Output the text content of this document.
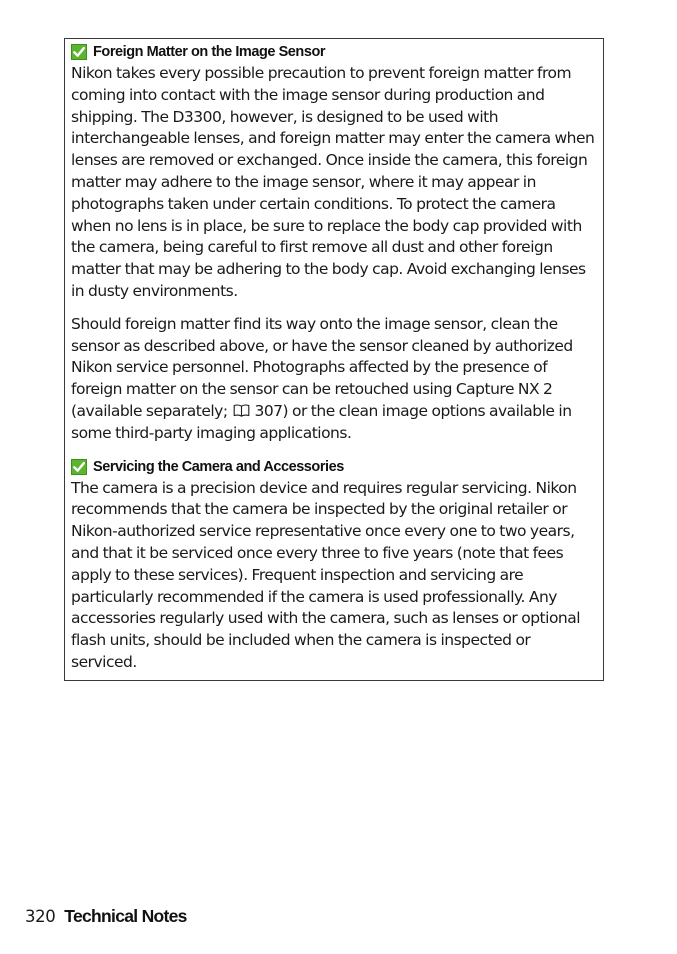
Foreign Matter on the Image Sensor

Nikon takes every possible precaution to prevent foreign matter from coming into contact with the image sensor during production and shipping. The D3300, however, is designed to be used with interchangeable lenses, and foreign matter may enter the camera when lenses are removed or exchanged. Once inside the camera, this foreign matter may adhere to the image sensor, where it may appear in photographs taken under certain conditions. To protect the camera when no lens is in place, be sure to replace the body cap provided with the camera, being careful to first remove all dust and other foreign matter that may be adhering to the body cap. Avoid exchanging lenses in dusty environments.

Should foreign matter find its way onto the image sensor, clean the sensor as described above, or have the sensor cleaned by authorized Nikon service personnel. Photographs affected by the presence of foreign matter on the sensor can be retouched using Capture NX 2 (available separately; 307) or the clean image options available in some third-party imaging applications.

Servicing the Camera and Accessories

The camera is a precision device and requires regular servicing. Nikon recommends that the camera be inspected by the original retailer or Nikon-authorized service representative once every one to two years, and that it be serviced once every three to five years (note that fees apply to these services). Frequent inspection and servicing are particularly recommended if the camera is used professionally. Any accessories regularly used with the camera, such as lenses or optional flash units, should be included when the camera is inspected or serviced.

320 Technical Notes
